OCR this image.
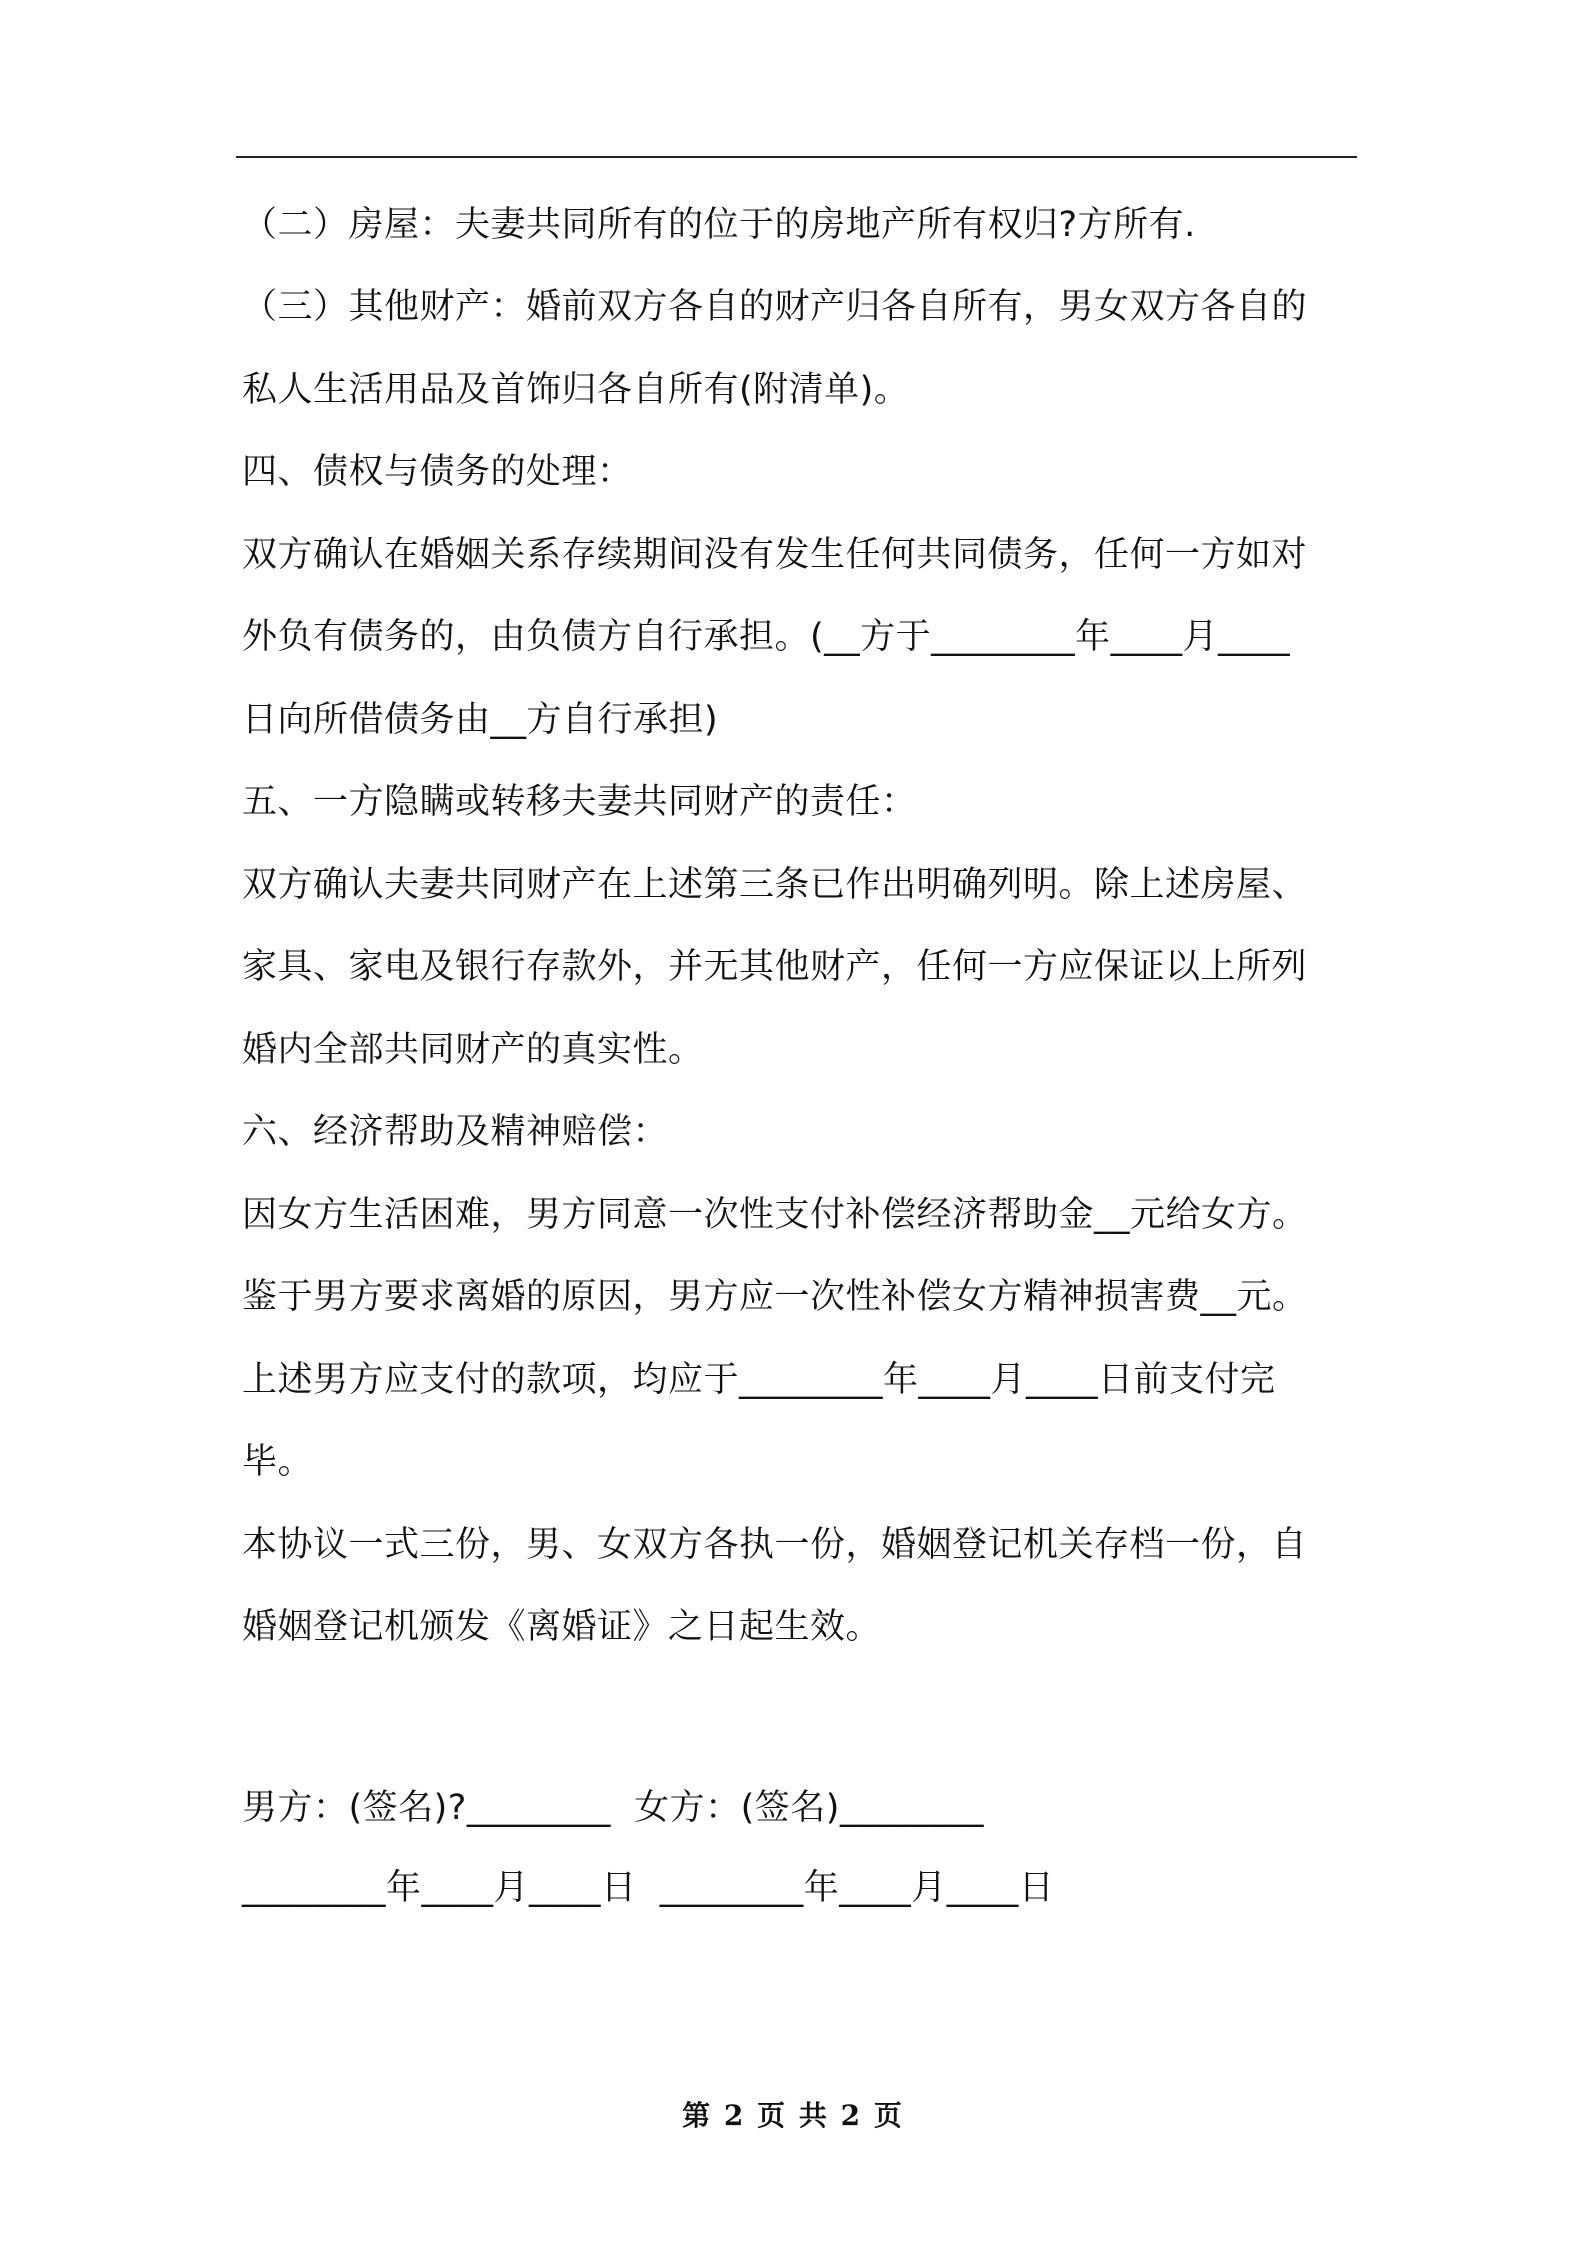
（二）房屋：夫妻共同所有的位于的房地产所有权归?方所有.
（三）其他财产：婚前双方各自的财产归各自所有，男女双方各自的
私人生活用品及首饰归各自所有(附清单)。
四、债权与债务的处理：
双方确认在婚姻关系存续期间没有发生任何共同债务，任何一方如对
外负有债务的，由负债方自行承担。(__方于________年____月____
日向所借债务由__方自行承担)
五、一方隐瞒或转移夫妻共同财产的责任：
双方确认夫妻共同财产在上述第三条已作出明确列明。除上述房屋、
家具、家电及银行存款外，并无其他财产，任何一方应保证以上所列
婚内全部共同财产的真实性。
六、经济帮助及精神赔偿：
因女方生活困难，男方同意一次性支付补偿经济帮助金__元给女方。
鉴于男方要求离婚的原因，男方应一次性补偿女方精神损害费__元。
上述男方应支付的款项，均应于________年____月____日前支付完
毕。
本协议一式三份，男、女双方各执一份，婚姻登记机关存档一份，自
婚姻登记机颁发《离婚证》之日起生效。
男方：(签名)?________  女方：(签名)________
________年____月____日  ________年____月____日
第 2 页 共 2 页
